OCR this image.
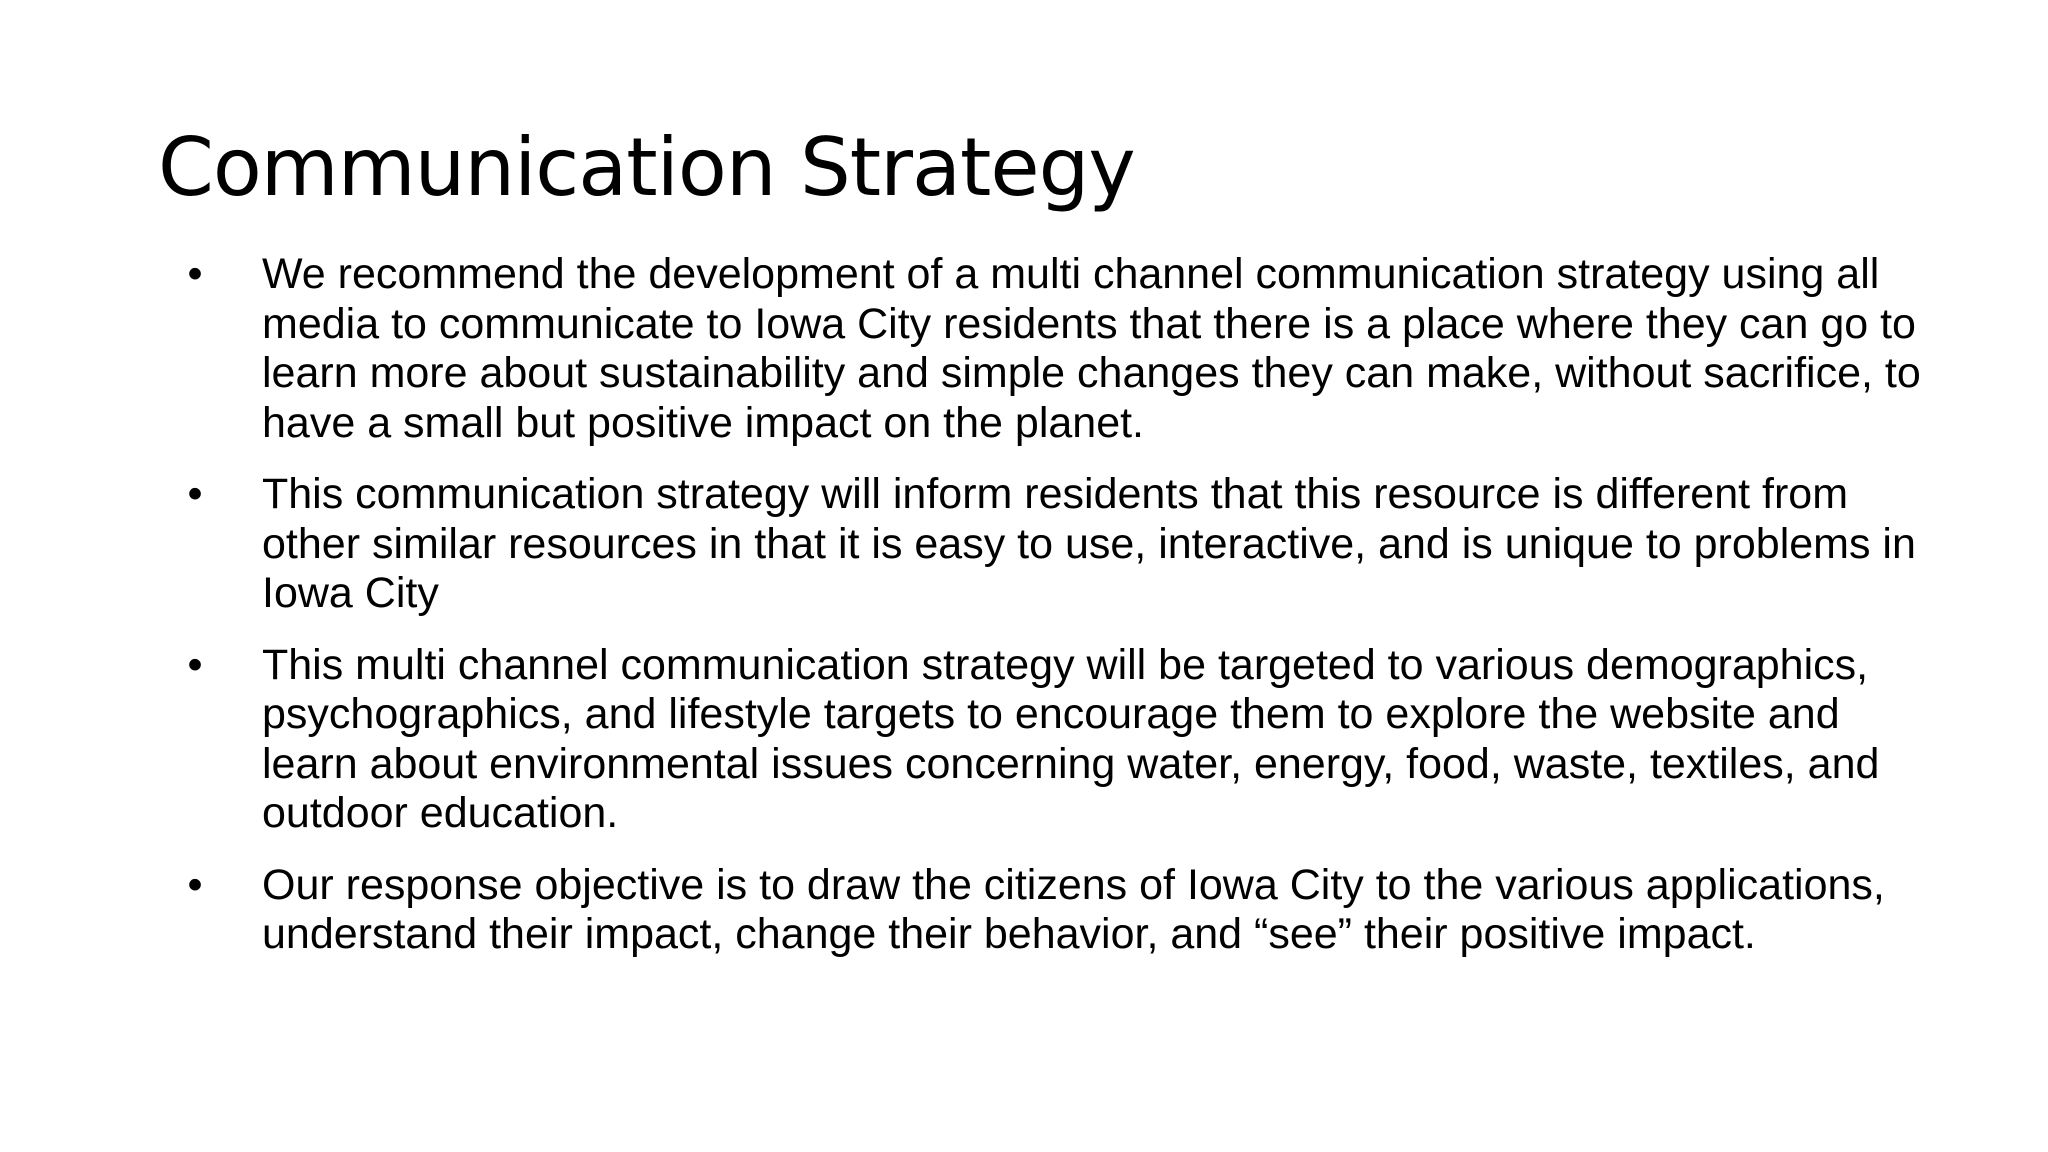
Communication Strategy
• We recommend the development of a multi channel communication strategy using all media to communicate to Iowa City residents that there is a place where they can go to learn more about sustainability and simple changes they can make, without sacrifice, to have a small but positive impact on the planet.
• This communication strategy will inform residents that this resource is different from other similar resources in that it is easy to use, interactive, and is unique to problems in Iowa City
• This multi channel communication strategy will be targeted to various demographics, psychographics, and lifestyle targets to encourage them to explore the website and learn about environmental issues concerning water, energy, food, waste, textiles, and outdoor education.
• Our response objective is to draw the citizens of Iowa City to the various applications, understand their impact, change their behavior, and “see” their positive impact.
